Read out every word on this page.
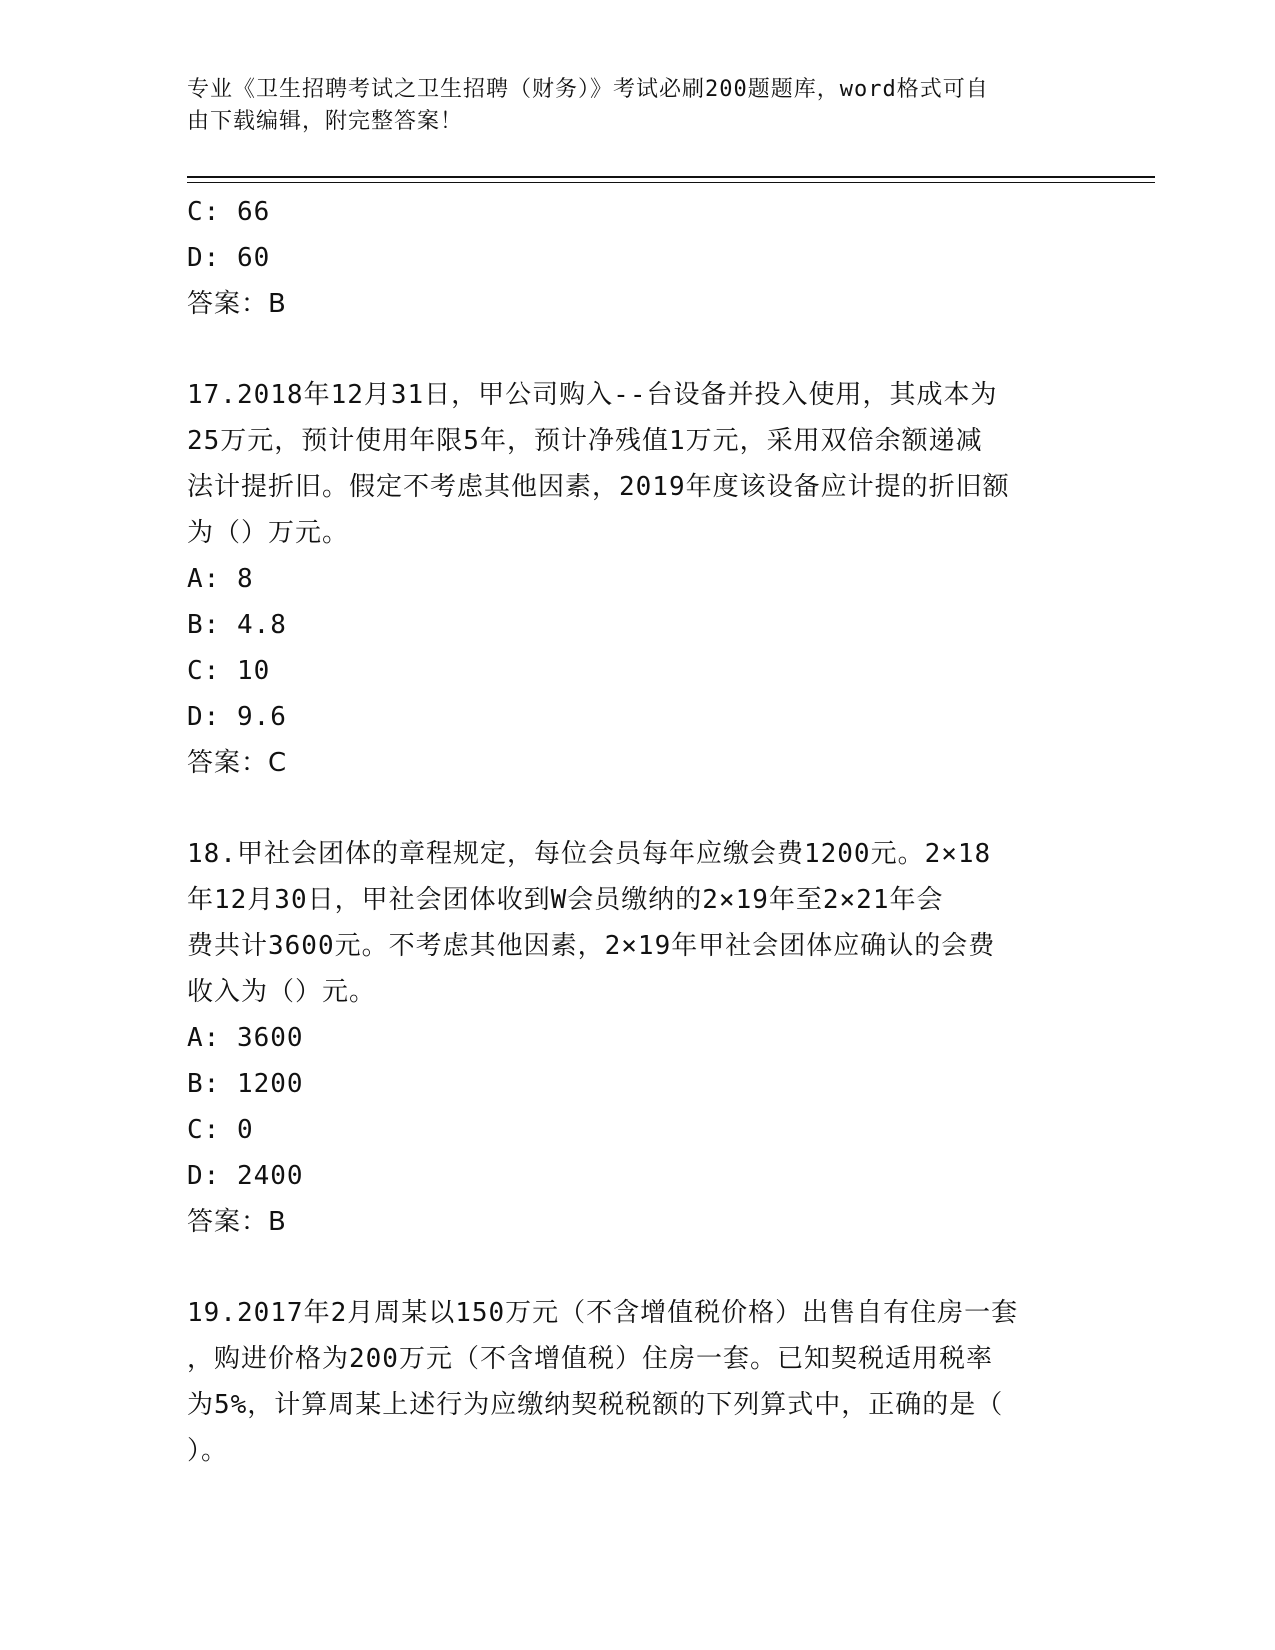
专业《卫生招聘考试之卫生招聘（财务）》考试必刷200题题库，word格式可自
由下载编辑，附完整答案！
C: 66
D: 60
答案：B
17.2018年12月31日，甲公司购入--台设备并投入使用，其成本为
25万元，预计使用年限5年，预计净残值1万元，采用双倍余额递减
法计提折旧。假定不考虑其他因素，2019年度该设备应计提的折旧额
为（）万元。
A: 8
B: 4.8
C: 10
D: 9.6
答案：C
18.甲社会团体的章程规定，每位会员每年应缴会费1200元。2×18
年12月30日，甲社会团体收到W会员缴纳的2×19年至2×21年会
费共计3600元。不考虑其他因素，2×19年甲社会团体应确认的会费
收入为（）元。
A: 3600
B: 1200
C: 0
D: 2400
答案：B
19.2017年2月周某以150万元（不含增值税价格）出售自有住房一套
，购进价格为200万元（不含增值税）住房一套。已知契税适用税率
为5%，计算周某上述行为应缴纳契税税额的下列算式中，正确的是（
）。
